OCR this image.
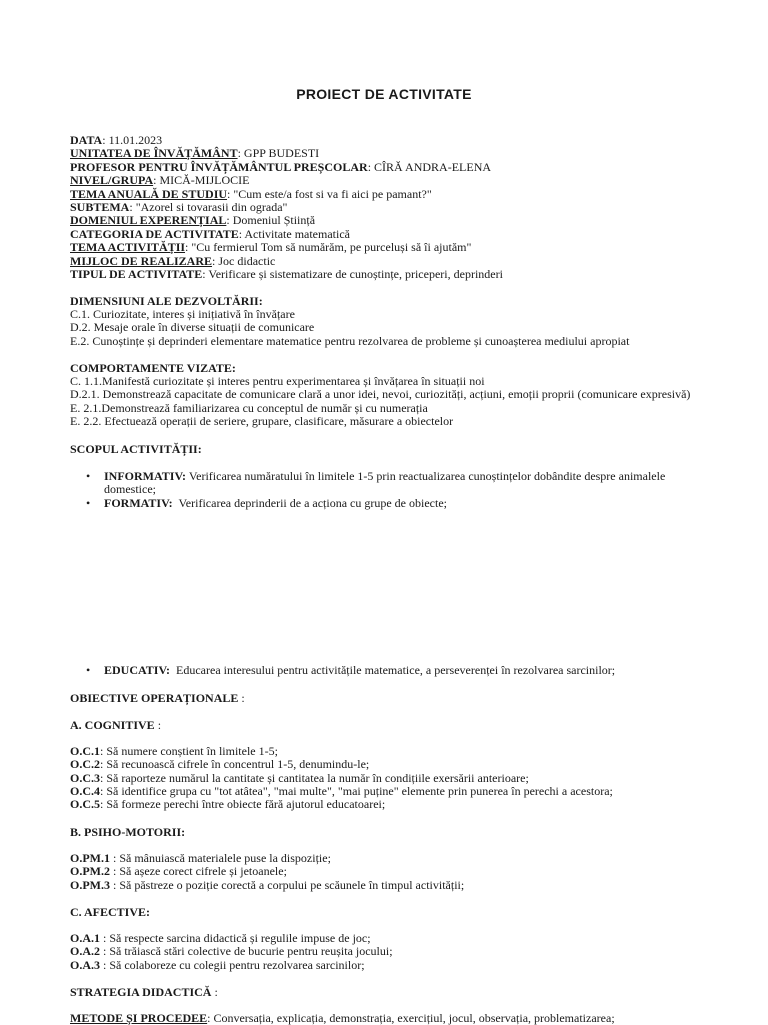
PROIECT DE ACTIVITATE

DATA: 11.01.2023

UNITATEA DE ÎNVĂȚĂMÂNT: GPP BUDESTI

PROFESOR PENTRU ÎNVĂȚĂMÂNTUL PREȘCOLAR: CÎRĂ ANDRA-ELENA

NIVEL/GRUPA: MICĂ-MIJLOCIE

TEMA ANUALĂ DE STUDIU: "Cum este/a fost si va fi aici pe pamant?"

SUBTEMA: "Azorel si tovarasii din ograda"

DOMENIUL EXPERENȚIAL: Domeniul Știință

CATEGORIA DE ACTIVITATE: Activitate matematică

TEMA ACTIVITĂȚII: "Cu fermierul Tom să numărăm, pe purceluși să îi ajutăm"

MIJLOC DE REALIZARE: Joc didactic

TIPUL DE ACTIVITATE: Verificare și sistematizare de cunoștințe, priceperi, deprinderi

DIMENSIUNI ALE DEZVOLTĂRII:

C.1. Curiozitate, interes și inițiativă în învățare

D.2. Mesaje orale în diverse situații de comunicare

E.2. Cunoștințe și deprinderi elementare matematice pentru rezolvarea de probleme și cunoașterea mediului apropiat

COMPORTAMENTE VIZATE:

C. 1.1.Manifestă curiozitate și interes pentru experimentarea și învățarea în situații noi

D.2.1. Demonstrează capacitate de comunicare clară a unor idei, nevoi, curiozități, acțiuni, emoții proprii (comunicare expresivă)

E. 2.1.Demonstrează familiarizarea cu conceptul de număr și cu numerația

E. 2.2. Efectuează operații de seriere, grupare, clasificare, măsurare a obiectelor

SCOPUL ACTIVITĂȚII:
• INFORMATIV: Verificarea număratului în limitele 1-5 prin reactualizarea cunoștințelor dobândite despre animalele domestice;
• FORMATIV: Verificarea deprinderii de a acționa cu grupe de obiecte;
• EDUCATIV: Educarea interesului pentru activitățile matematice, a perseverenței în rezolvarea sarcinilor;
OBIECTIVE OPERAȚIONALE :
A. COGNITIVE :

O.C.1: Să numere conștient în limitele 1-5;

O.C.2: Să recunoască cifrele în concentrul 1-5, denumindu-le;

O.C.3: Să raporteze numărul la cantitate și cantitatea la număr în condițiile exersării anterioare;

O.C.4: Să identifice grupa cu "tot atâtea", "mai multe", "mai puține" elemente prin punerea în perechi a acestora;

O.C.5: Să formeze perechi între obiecte fără ajutorul educatoarei;

B. PSIHO-MOTORII:

O.PM.1 : Să mânuiască materialele puse la dispoziție;

O.PM.2 : Să așeze corect cifrele și jetoanele;

O.PM.3 : Să păstreze o poziție corectă a corpului pe scăunele în timpul activității;

C. AFECTIVE:

O.A.1 : Să respecte sarcina didactică și regulile impuse de joc;

O.A.2 : Să trăiască stări colective de bucurie pentru reușita jocului;

O.A.3 : Să colaboreze cu colegii pentru rezolvarea sarcinilor;

STRATEGIA DIDACTICĂ :

METODE ȘI PROCEDEE: Conversația, explicația, demonstrația, exercițiul, jocul, observația, problematizarea;
